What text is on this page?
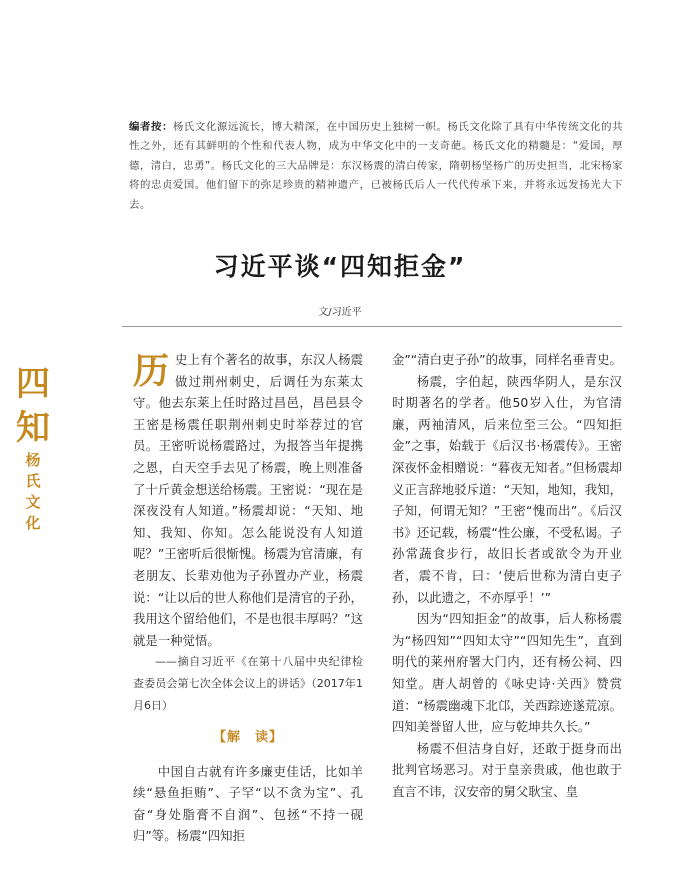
编者按：杨氏文化源远流长，博大精深，在中国历史上独树一帜。杨氏文化除了具有中华传统文化的共性之外，还有其鲜明的个性和代表人物，成为中华文化中的一支奇葩。杨氏文化的精髓是：“爱国，厚德，清白，忠勇”。杨氏文化的三大品牌是：东汉杨震的清白传家，隋朝杨坚杨广的历史担当，北宋杨家将的忠贞爱国。他们留下的弥足珍贵的精神遗产，已被杨氏后人一代代传承下来，并将永远发扬光大下去。
习近平谈“四知拒金”
文/习近平
四
知
杨
氏
文
化

历史上有个著名的故事，东汉人杨震做过荆州刺史，后调任为东莱太守。他去东莱上任时路过昌邑，昌邑县令王密是杨震任职荆州刺史时举荐过的官员。王密听说杨震路过，为报答当年提携之恩，白天空手去见了杨震，晚上则准备了十斤黄金想送给杨震。王密说：“现在是深夜没有人知道。”杨震却说：“天知、地知、我知、你知。怎么能说没有人知道呢？”王密听后很惭愧。杨震为官清廉，有老朋友、长辈劝他为子孙置办产业，杨震说：“让以后的世人称他们是清官的子孙，我用这个留给他们，不是也很丰厚吗？”这就是一种觉悟。

——摘自习近平《在第十八届中央纪律检查委员会第七次全体会议上的讲话》（2017年1月6日）

【解　读】

中国自古就有许多廉吏佳话，比如羊续“悬鱼拒贿”、子罕“以不贪为宝”、孔奋“身处脂膏不自润”、包拯“不持一砚归”等。杨震“四知拒

金”“清白吏子孙”的故事，同样名垂青史。

杨震，字伯起，陕西华阴人，是东汉时期著名的学者。他50岁入仕，为官清廉，两袖清风，后来位至三公。“四知拒金”之事，始载于《后汉书·杨震传》。王密深夜怀金相赠说：“暮夜无知者。”但杨震却义正言辞地驳斥道：“天知，地知，我知，子知，何谓无知？”王密“愧而出”。《后汉书》还记载，杨震“性公廉，不受私谒。子孙常蔬食步行，故旧长者或欲令为开业者，震不肯，曰：‘使后世称为清白吏子孙，以此遗之，不亦厚乎！’”

因为“四知拒金”的故事，后人称杨震为“杨四知”“四知太守”“四知先生”，直到明代的莱州府署大门内，还有杨公祠、四知堂。唐人胡曾的《咏史诗·关西》赞赏道：“杨震幽魂下北邙，关西踪迹遂荒凉。四知美誉留人世，应与乾坤共久长。”

杨震不但洁身自好，还敢于挺身而出批判官场恶习。对于皇亲贵戚，他也敢于直言不讳，汉安帝的舅父耿宝、皇
